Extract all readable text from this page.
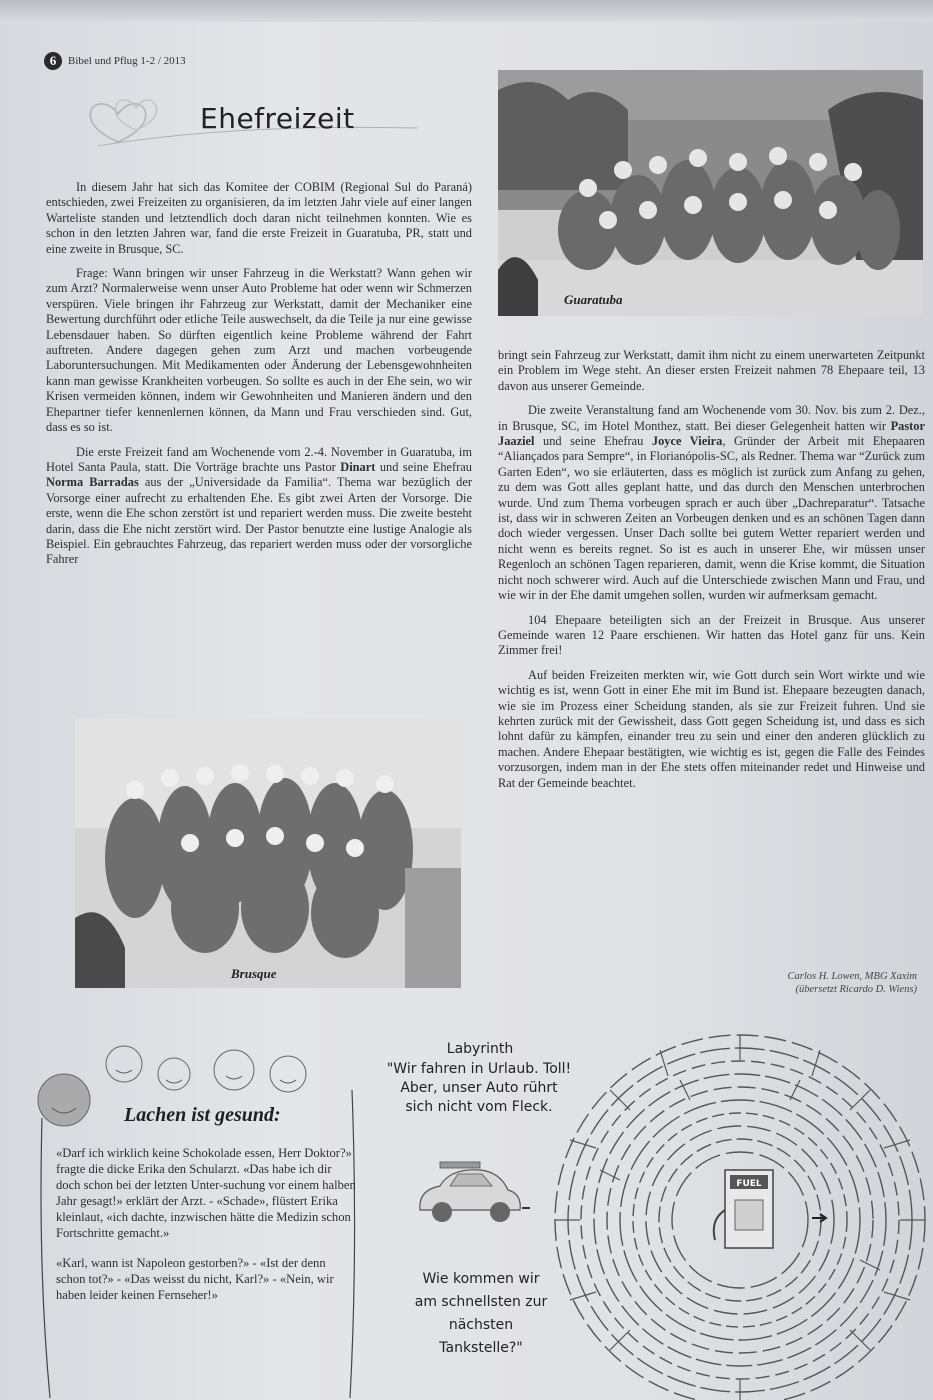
6	Bibel und Pflug 1-2 / 2013
Ehefreizeit

In diesem Jahr hat sich das Komitee der COBIM (Regional Sul do Paraná) entschieden, zwei Freizeiten zu organisieren, da im letzten Jahr viele auf einer langen Warteliste standen und letztendlich doch daran nicht teilnehmen konnten. Wie es schon in den letzten Jahren war, fand die erste Freizeit in Guaratuba, PR, statt und eine zweite in Brusque, SC.

Frage: Wann bringen wir unser Fahrzeug in die Werkstatt? Wann gehen wir zum Arzt? Normalerweise wenn unser Auto Probleme hat oder wenn wir Schmerzen verspüren. Viele bringen ihr Fahrzeug zur Werkstatt, damit der Mechaniker eine Bewertung durchführt oder etliche Teile auswechselt, da die Teile ja nur eine gewisse Lebensdauer haben. So dürften eigentlich keine Probleme während der Fahrt auftreten. Andere dagegen gehen zum Arzt und machen vorbeugende Laboruntersuchungen. Mit Medikamenten oder Änderung der Lebensgewohnheiten kann man gewisse Krankheiten vorbeugen. So sollte es auch in der Ehe sein, wo wir Krisen vermeiden können, indem wir Gewohnheiten und Manieren ändern und den Ehepartner tiefer kennenlernen können, da Mann und Frau verschieden sind. Gut, dass es so ist.

Die erste Freizeit fand am Wochenende vom 2.-4. November in Guaratuba, im Hotel Santa Paula, statt. Die Vorträge brachte uns Pastor Dinart und seine Ehefrau Norma Barradas aus der „Universidade da Familia“. Thema war bezüglich der Vorsorge einer aufrecht zu erhaltenden Ehe. Es gibt zwei Arten der Vorsorge. Die erste, wenn die Ehe schon zerstört ist und repariert werden muss. Die zweite besteht darin, dass die Ehe nicht zerstört wird. Der Pastor benutzte eine lustige Analogie als Beispiel. Ein gebrauchtes Fahrzeug, das repariert werden muss oder der vorsorgliche Fahrer

Guaratuba

bringt sein Fahrzeug zur Werkstatt, damit ihm nicht zu einem unerwarteten Zeitpunkt ein Problem im Wege steht. An dieser ersten Freizeit nahmen 78 Ehepaare teil, 13 davon aus unserer Gemeinde.

Die zweite Veranstaltung fand am Wochenende vom 30. Nov. bis zum 2. Dez., in Brusque, SC, im Hotel Monthez, statt. Bei dieser Gelegenheit hatten wir Pastor Jaaziel und seine Ehefrau Joyce Vieira, Gründer der Arbeit mit Ehepaaren “Aliançados para Sempre“, in Florianópolis-SC, als Redner. Thema war “Zurück zum Garten Eden“, wo sie erläuterten, dass es möglich ist zurück zum Anfang zu gehen, zu dem was Gott alles geplant hatte, und das durch den Menschen unterbrochen wurde. Und zum Thema vorbeugen sprach er auch über „Dachreparatur“. Tatsache ist, dass wir in schweren Zeiten an Vorbeugen denken und es an schönen Tagen dann doch wieder vergessen. Unser Dach sollte bei gutem Wetter repariert werden und nicht wenn es bereits regnet. So ist es auch in unserer Ehe, wir müssen unser Regenloch an schönen Tagen reparieren, damit, wenn die Krise kommt, die Situation nicht noch schwerer wird. Auch auf die Unterschiede zwischen Mann und Frau, und wie wir in der Ehe damit umgehen sollen, wurden wir aufmerksam gemacht.

104 Ehepaare beteiligten sich an der Freizeit in Brusque. Aus unserer Gemeinde waren 12 Paare erschienen. Wir hatten das Hotel ganz für uns. Kein Zimmer frei!

Auf beiden Freizeiten merkten wir, wie Gott durch sein Wort wirkte und wie wichtig es ist, wenn Gott in einer Ehe mit im Bund ist. Ehepaare bezeugten danach, wie sie im Prozess einer Scheidung standen, als sie zur Freizeit fuhren. Und sie kehrten zurück mit der Gewissheit, dass Gott gegen Scheidung ist, und dass es sich lohnt dafür zu kämpfen, einander treu zu sein und einer den anderen glücklich zu machen. Andere Ehepaar bestätigten, wie wichtig es ist, gegen die Falle des Feindes vorzusorgen, indem man in der Ehe stets offen miteinander redet und Hinweise und Rat der Gemeinde beachtet.

Carlos H. Lowen, MBG Xaxim
(übersetzt Ricardo D. Wiens)
Brusque
Lachen ist gesund:

«Darf ich wirklich keine Schokolade essen, Herr Doktor?» fragte die dicke Erika den Schularzt. «Das habe ich dir doch schon bei der letzten Unter-suchung vor einem halben Jahr gesagt!» erklärt der Arzt. - «Schade», flüstert Erika kleinlaut, «ich dachte, inzwischen hätte die Medizin schon Fortschritte gemacht.»

«Karl, wann ist Napoleon gestorben?» - «Ist der denn schon tot?» - «Das weisst du nicht, Karl?» - «Nein, wir haben leider keinen Fernseher!»

Labyrinth
"Wir fahren in Urlaub. Toll!
Aber, unser Auto rührt
sich nicht vom Fleck.
Wie kommen wir
am schnellsten zur
nächsten
Tankstelle?"
FUEL
